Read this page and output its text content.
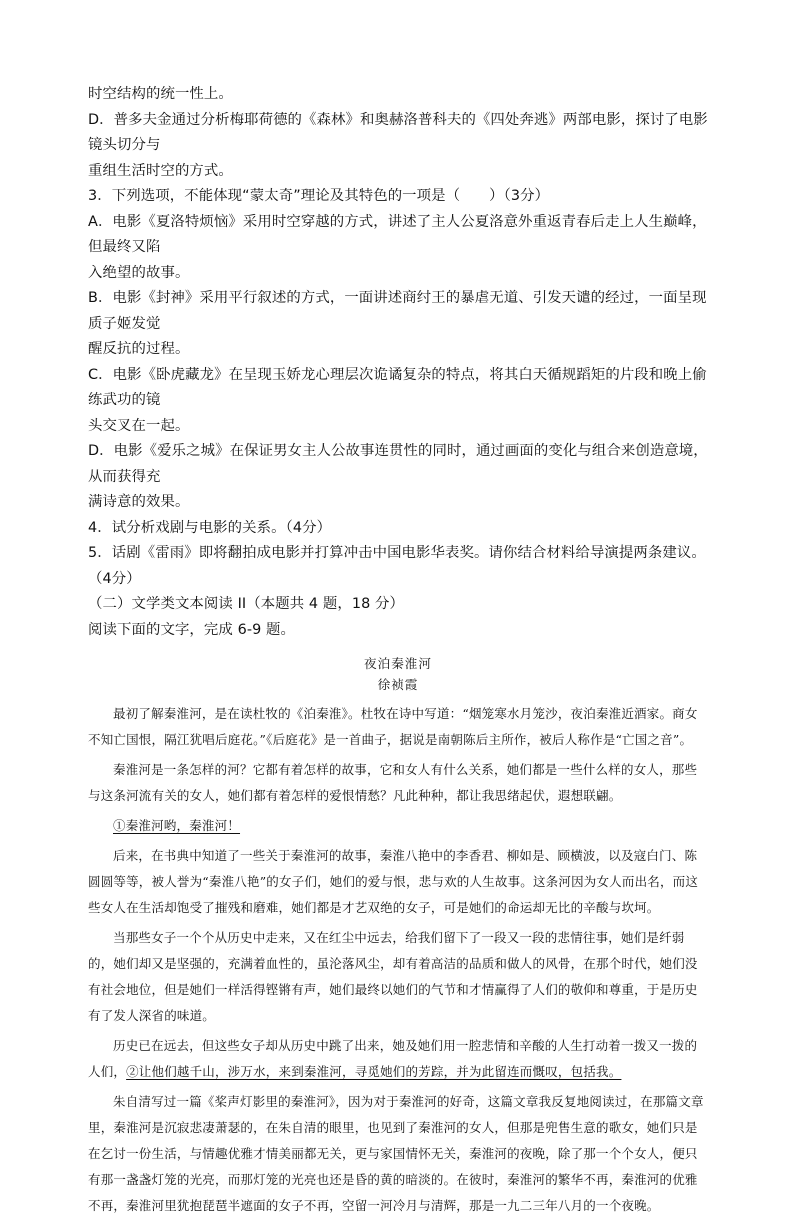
时空结构的统一性上。

D．普多夫金通过分析梅耶荷德的《森林》和奥赫洛普科夫的《四处奔逃》两部电影，探讨了电影镜头切分与

重组生活时空的方式。

3．下列选项，不能体现“蒙太奇”理论及其特色的一项是（　　）（3分）

A．电影《夏洛特烦恼》采用时空穿越的方式，讲述了主人公夏洛意外重返青春后走上人生巅峰，但最终又陷

入绝望的故事。

B．电影《封神》采用平行叙述的方式，一面讲述商纣王的暴虐无道、引发天谴的经过，一面呈现质子姬发觉

醒反抗的过程。

C．电影《卧虎藏龙》在呈现玉娇龙心理层次诡谲复杂的特点，将其白天循规蹈矩的片段和晚上偷练武功的镜

头交叉在一起。

D．电影《爱乐之城》在保证男女主人公故事连贯性的同时，通过画面的变化与组合来创造意境，从而获得充

满诗意的效果。

4．试分析戏剧与电影的关系。（4分）

5．话剧《雷雨》即将翻拍成电影并打算冲击中国电影华表奖。请你结合材料给导演提两条建议。（4分）

（二）文学类文本阅读 II（本题共 4 题，18 分）

阅读下面的文字，完成 6-9 题。

夜泊秦淮河

徐祯霞

最初了解秦淮河，是在读杜牧的《泊秦淮》。杜牧在诗中写道：“烟笼寒水月笼沙，夜泊秦淮近酒家。商女不知亡国恨，隔江犹唱后庭花。”《后庭花》是一首曲子，据说是南朝陈后主所作，被后人称作是“亡国之音”。

秦淮河是一条怎样的河？它都有着怎样的故事，它和女人有什么关系，她们都是一些什么样的女人，那些与这条河流有关的女人，她们都有着怎样的爱恨情愁？凡此种种，都让我思绪起伏，遐想联翩。

①秦淮河哟，秦淮河！

后来，在书典中知道了一些关于秦淮河的故事，秦淮八艳中的李香君、柳如是、顾横波，以及寇白门、陈圆圆等等，被人誉为“秦淮八艳”的女子们，她们的爱与恨，悲与欢的人生故事。这条河因为女人而出名，而这些女人在生活却饱受了摧残和磨难，她们都是才艺双绝的女子，可是她们的命运却无比的辛酸与坎坷。

当那些女子一个个从历史中走来，又在红尘中远去，给我们留下了一段又一段的悲情往事，她们是纤弱的，她们却又是坚强的，充满着血性的，虽沦落风尘，却有着高洁的品质和做人的风骨，在那个时代，她们没有社会地位，但是她们一样活得铿锵有声，她们最终以她们的气节和才情赢得了人们的敬仰和尊重，于是历史有了发人深省的味道。

历史已在远去，但这些女子却从历史中跳了出来，她及她们用一腔悲情和辛酸的人生打动着一拨又一拨的人们，②让他们越千山，涉万水，来到秦淮河，寻觅她们的芳踪，并为此留连而慨叹，包括我。

朱自清写过一篇《桨声灯影里的秦淮河》，因为对于秦淮河的好奇，这篇文章我反复地阅读过，在那篇文章里，秦淮河是沉寂悲凄萧瑟的，在朱自清的眼里，也见到了秦淮河的女人，但那是兜售生意的歌女，她们只是在乞讨一份生活，与情趣优雅才情美丽都无关，更与家国情怀无关，秦淮河的夜晚，除了那一个个女人，便只有那一盏盏灯笼的光亮，而那灯笼的光亮也还是昏的黄的暗淡的。在彼时，秦淮河的繁华不再，秦淮河的优雅不再，秦淮河里犹抱琵琶半遮面的女子不再，空留一河冷月与清辉，那是一九二三年八月的一个夜晚。
